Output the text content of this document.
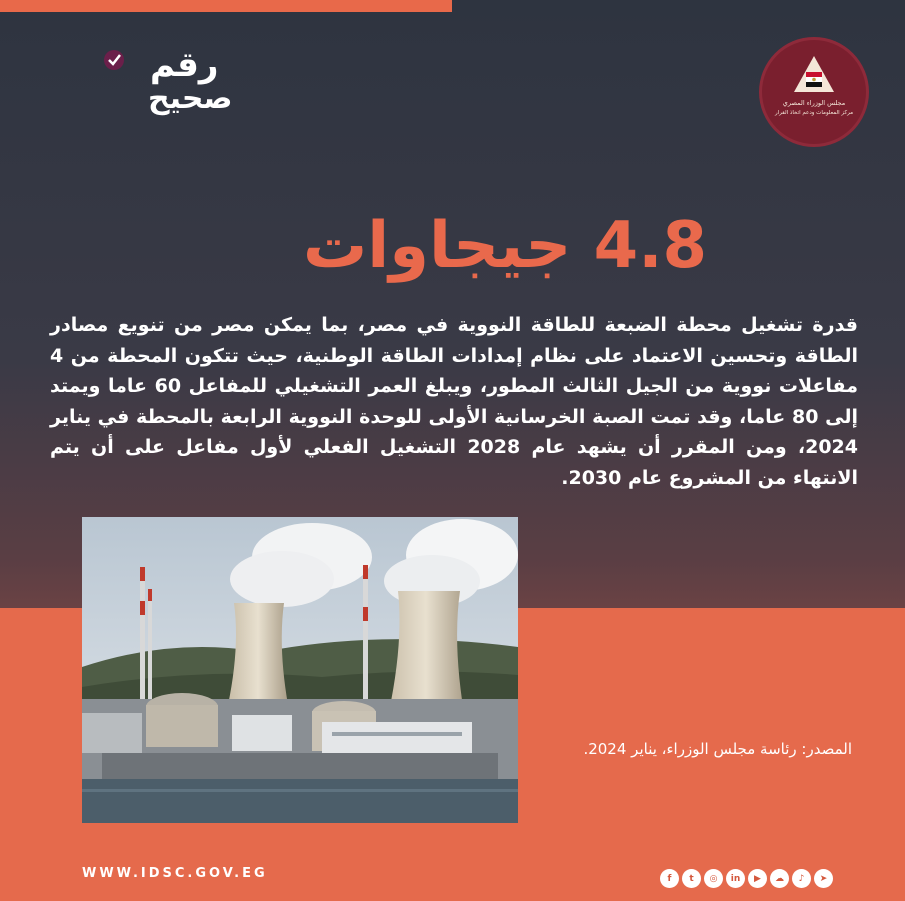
رقم
صحيح	مجلس الوزراء المصري
مركز المعلومات ودعم اتخاذ القرار
4.8 جيجاوات
قدرة تشغيل محطة الضبعة للطاقة النووية في مصر، بما يمكن مصر من تنويع مصادر الطاقة وتحسين الاعتماد على نظام إمدادات الطاقة الوطنية، حيث تتكون المحطة من 4 مفاعلات نووية من الجيل الثالث المطور، ويبلغ العمر التشغيلي للمفاعل 60 عاما ويمتد إلى 80 عاما، وقد تمت الصبة الخرسانية الأولى للوحدة النووية الرابعة بالمحطة في يناير 2024، ومن المقرر أن يشهد عام 2028 التشغيل الفعلي لأول مفاعل على أن يتم الانتهاء من المشروع عام 2030.
المصدر: رئاسة مجلس الوزراء، يناير 2024.
WWW.IDSC.GOV.EG	f	t	◎	in	▶	☁	♪	➤
